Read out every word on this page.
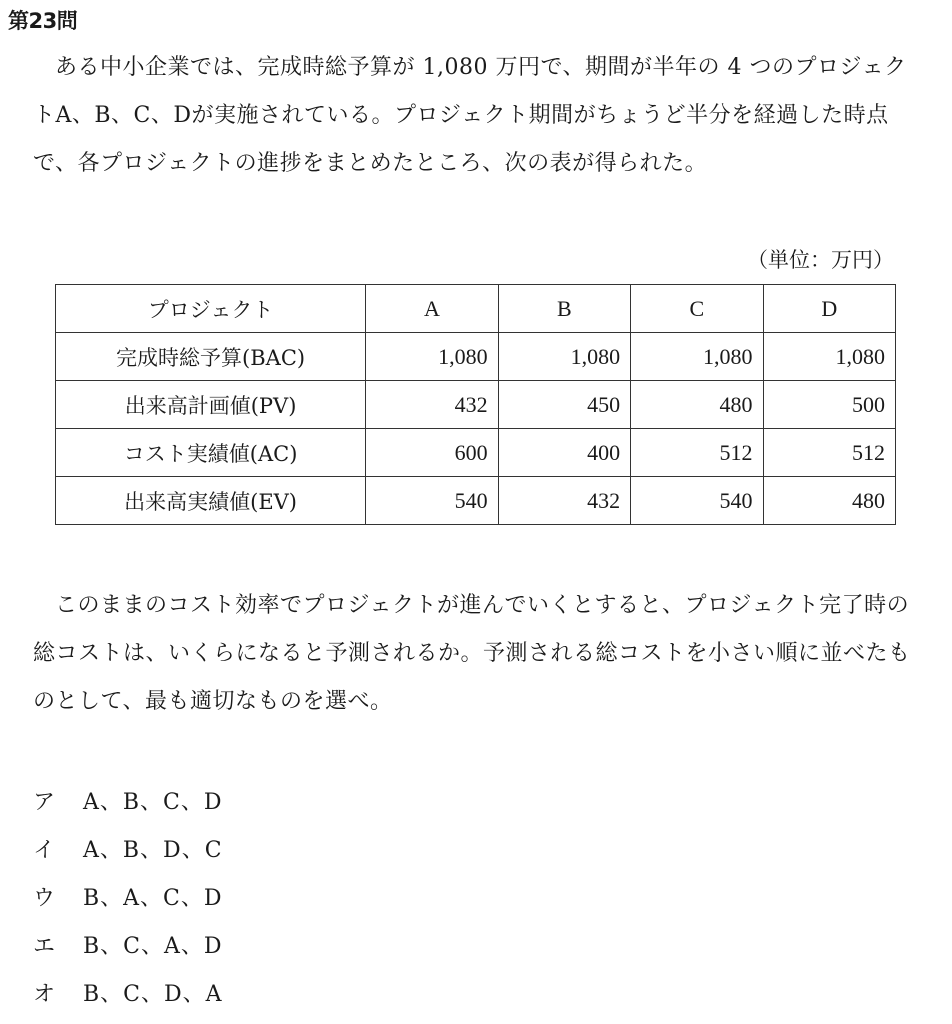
第23問

ある中小企業では、完成時総予算が 1,080 万円で、期間が半年の 4 つのプロジェクトA、B、C、Dが実施されている。プロジェクト期間がちょうど半分を経過した時点で、各プロジェクトの進捗をまとめたところ、次の表が得られた。

（単位：万円）
プロジェクト	A	B	C	D
完成時総予算(BAC)	1,080	1,080	1,080	1,080
出来高計画値(PV)	432	450	480	500
コスト実績値(AC)	600	400	512	512
出来高実績値(EV)	540	432	540	480

このままのコスト効率でプロジェクトが進んでいくとすると、プロジェクト完了時の総コストは、いくらになると予測されるか。予測される総コストを小さい順に並べたものとして、最も適切なものを選べ。

ア	A、B、C、D
イ	A、B、D、C
ウ	B、A、C、D
エ	B、C、A、D
オ	B、C、D、A
